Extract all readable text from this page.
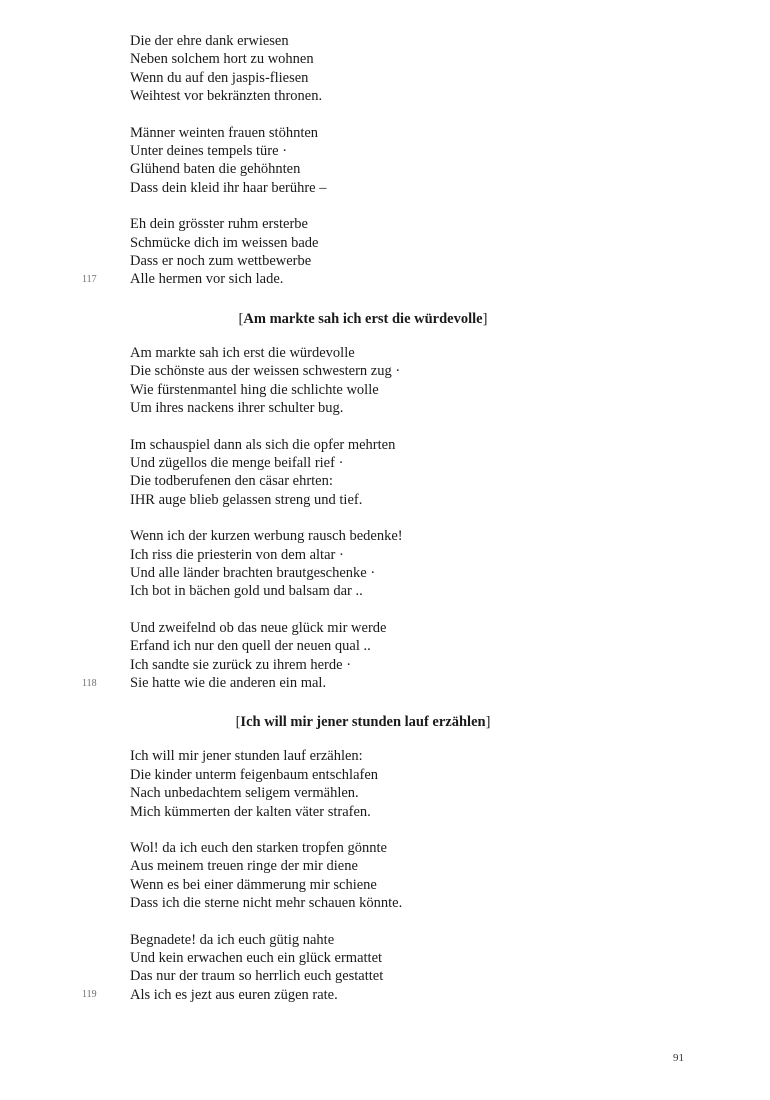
Die der ehre dank erwiesen
Neben solchem hort zu wohnen
Wenn du auf den jaspis-fliesen
Weihtest vor bekränzten thronen.
Männer weinten frauen stöhnten
Unter deines tempels türe ·
Glühend baten die gehöhnten
Dass dein kleid ihr haar berühre –
Eh dein grösster ruhm ersterbe
Schmücke dich im weissen bade
Dass er noch zum wettbewerbe
Alle hermen vor sich lade.
[Am markte sah ich erst die würdevolle]
Am markte sah ich erst die würdevolle
Die schönste aus der weissen schwestern zug ·
Wie fürstenmantel hing die schlichte wolle
Um ihres nackens ihrer schulter bug.
Im schauspiel dann als sich die opfer mehrten
Und zügellos die menge beifall rief ·
Die todberufenen den cäsar ehrten:
IHR auge blieb gelassen streng und tief.
Wenn ich der kurzen werbung rausch bedenke!
Ich riss die priesterin von dem altar ·
Und alle länder brachten brautgeschenke ·
Ich bot in bächen gold und balsam dar ..
Und zweifelnd ob das neue glück mir werde
Erfand ich nur den quell der neuen qual ..
Ich sandte sie zurück zu ihrem herde ·
Sie hatte wie die anderen ein mal.
[Ich will mir jener stunden lauf erzählen]
Ich will mir jener stunden lauf erzählen:
Die kinder unterm feigenbaum entschlafen
Nach unbedachtem seligem vermählen.
Mich kümmerten der kalten väter strafen.
Wol! da ich euch den starken tropfen gönnte
Aus meinem treuen ringe der mir diene
Wenn es bei einer dämmerung mir schiene
Dass ich die sterne nicht mehr schauen könnte.
Begnadete! da ich euch gütig nahte
Und kein erwachen euch ein glück ermattet
Das nur der traum so herrlich euch gestattet
Als ich es jezt aus euren zügen rate.
117
118
119
91
